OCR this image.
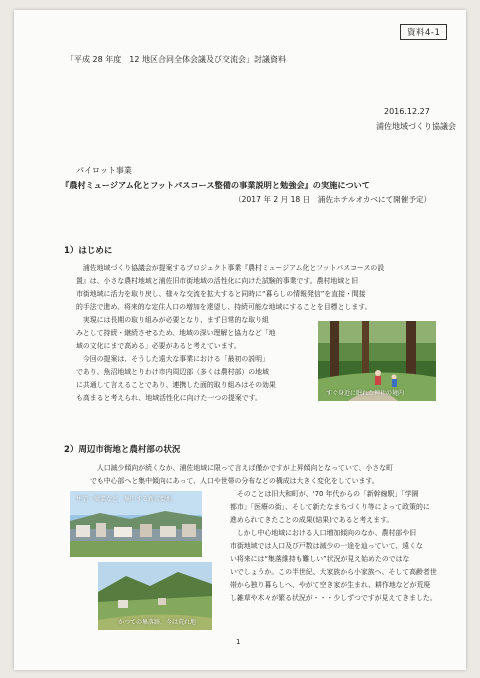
資料4-1
「平成 28 年度　12 地区合同全体会議及び交流会」討議資料
2016.12.27
浦佐地域づくり協議会
パイロット事業
『農村ミュージアム化とフットパスコース整備の事業説明と勉強会』の実施について
（2017 年 2 月 18 日　浦佐ホテルオカベにて開催予定）
1）はじめに
　浦佐地域づくり協議会が提案するプロジェクト事業『農村ミュージアム化とフットパスコースの設
置』は、小さな農村地域と浦佐旧市街地域の活性化に向けた試験的事業です。農村地域と旧
市街地域に活力を取り戻し、様々な交流を拡大すると同時に“暮らしの情報発信”を直接・間接
的手法で進め、将来的な定住人口の増加を達望し、持続可能な地域にすることを目標とします。
　実現には長期の取り組みが必要となり、まず日常的な取り組
みとして持続・継続させるため、地域の深い理解と協力など「地
域の文化にまで高める」必要があると考えています。
　今回の提案は、そうした遠大な事業における「最初の説明」
であり、魚沼地域とりわけ市内周辺部（多くは農村部）の地域
に共通して言えることであり、連携した面的取り組みはその効果
も高まると考えられ、地域活性化に向けた一つの提案です。
すぐ身近に眠れた神社の境内
2）周辺市街地と農村部の状況
　人口減少傾向が続くなか、浦佐地域に限って言えば僅かですが上昇傾向となっていて、小さな町
でも中心部へと集中傾向にあって、人口や世帯の分布などの構成は大きく変化をしています。
　そのことは旧大和町が、'70 年代からの「新幹線駅」「学園
都市」「医療の街」、そして新たなまちづくり等によって政策的に
進められてきたことの成果(結果)であると考えます。
　しかし中心地域における人口増加傾向のなか、農村部や旧
市街地域では人口及び戸数は減少の一途を辿っていて、遠くな
い将来には“集落維持も難しい”状況が見え始めたのではな
いでしょうか。この半世紀、大家族から小家族へ、そして高齢者世
帯から独り暮らしへ、やがて空き家が生まれ、耕作地などが荒廃
し雑草や木々が繁る状況が・・・少しずつですが見えてきました。
住宅・商業など、集中する新市街地
かつての集落跡、今は荒れ地
1
